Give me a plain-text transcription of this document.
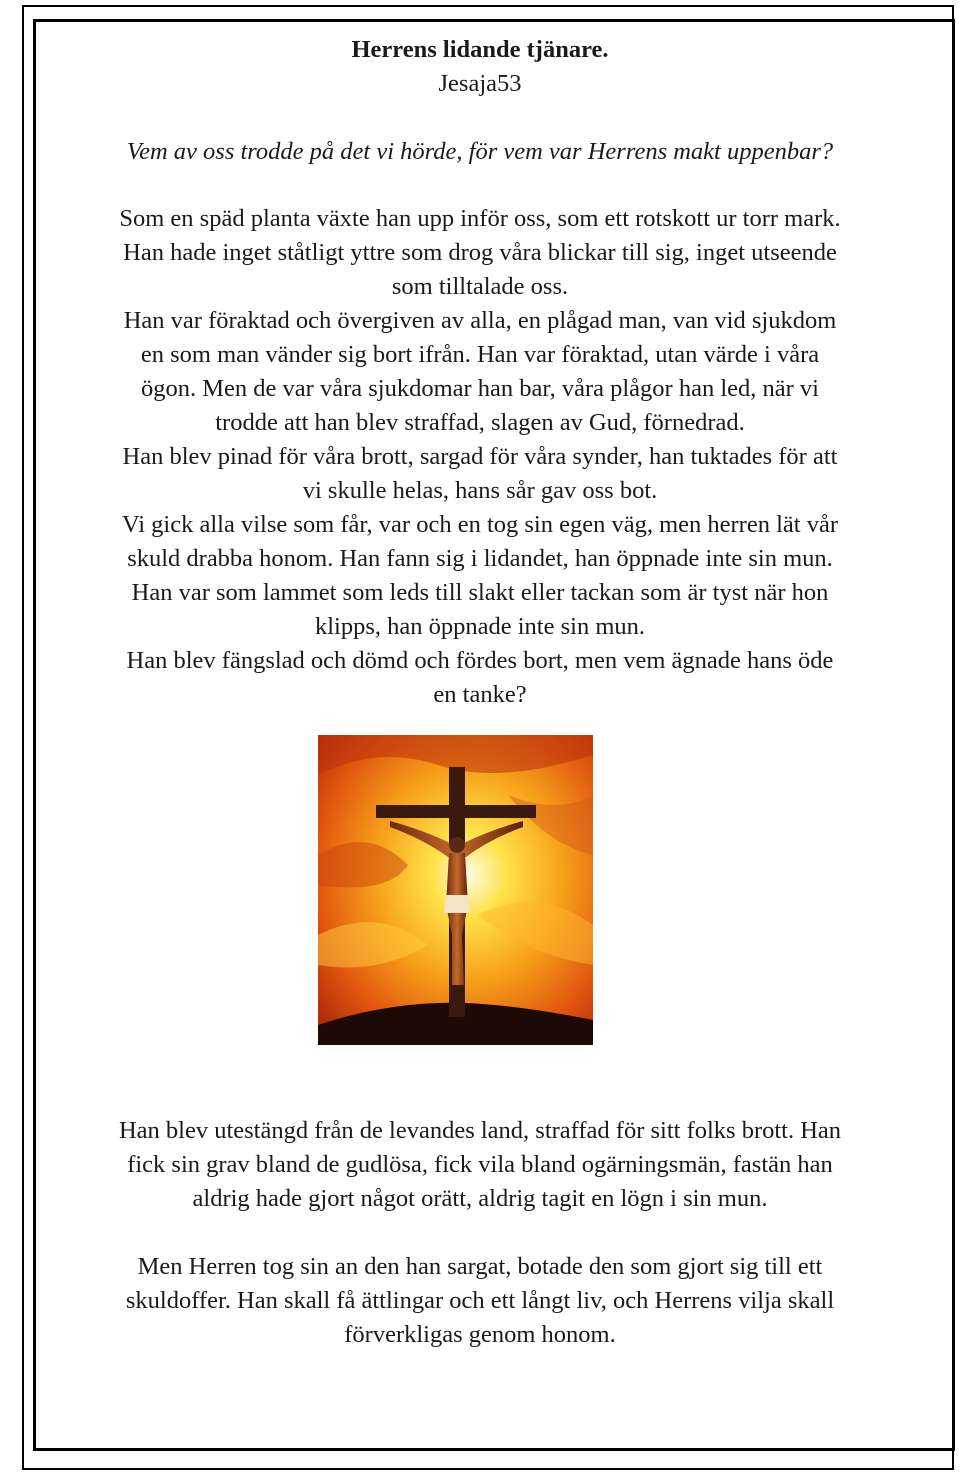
Herrens lidande tjänare.
Jesaja53
Vem av oss trodde på det vi hörde, för vem var Herrens makt uppenbar?
Som en späd planta växte han upp inför oss, som ett rotskott ur torr mark.
Han hade inget ståtligt yttre som drog våra blickar till sig, inget utseende
som tilltalade oss.
Han var föraktad och övergiven av alla, en plågad man, van vid sjukdom
en som man vänder sig bort ifrån. Han var föraktad, utan värde i våra
ögon. Men de var våra sjukdomar han bar, våra plågor han led, när vi
trodde att han blev straffad, slagen av Gud, förnedrad.
Han blev pinad för våra brott, sargad för våra synder, han tuktades för att
vi skulle helas, hans sår gav oss bot.
Vi gick alla vilse som får, var och en tog sin egen väg, men herren lät vår
skuld drabba honom. Han fann sig i lidandet, han öppnade inte sin mun.
Han var som lammet som leds till slakt eller tackan som är tyst när hon
klipps, han öppnade inte sin mun.
Han blev fängslad och dömd och fördes bort, men vem ägnade hans öde
en tanke?
Han blev utestängd från de levandes land, straffad för sitt folks brott. Han
fick sin grav bland de gudlösa, fick vila bland ogärningsmän, fastän han
aldrig hade gjort något orätt, aldrig tagit en lögn i sin mun.
Men Herren tog sin an den han sargat, botade den som gjort sig till ett
skuldoffer. Han skall få ättlingar och ett långt liv, och Herrens vilja skall
förverkligas genom honom.
